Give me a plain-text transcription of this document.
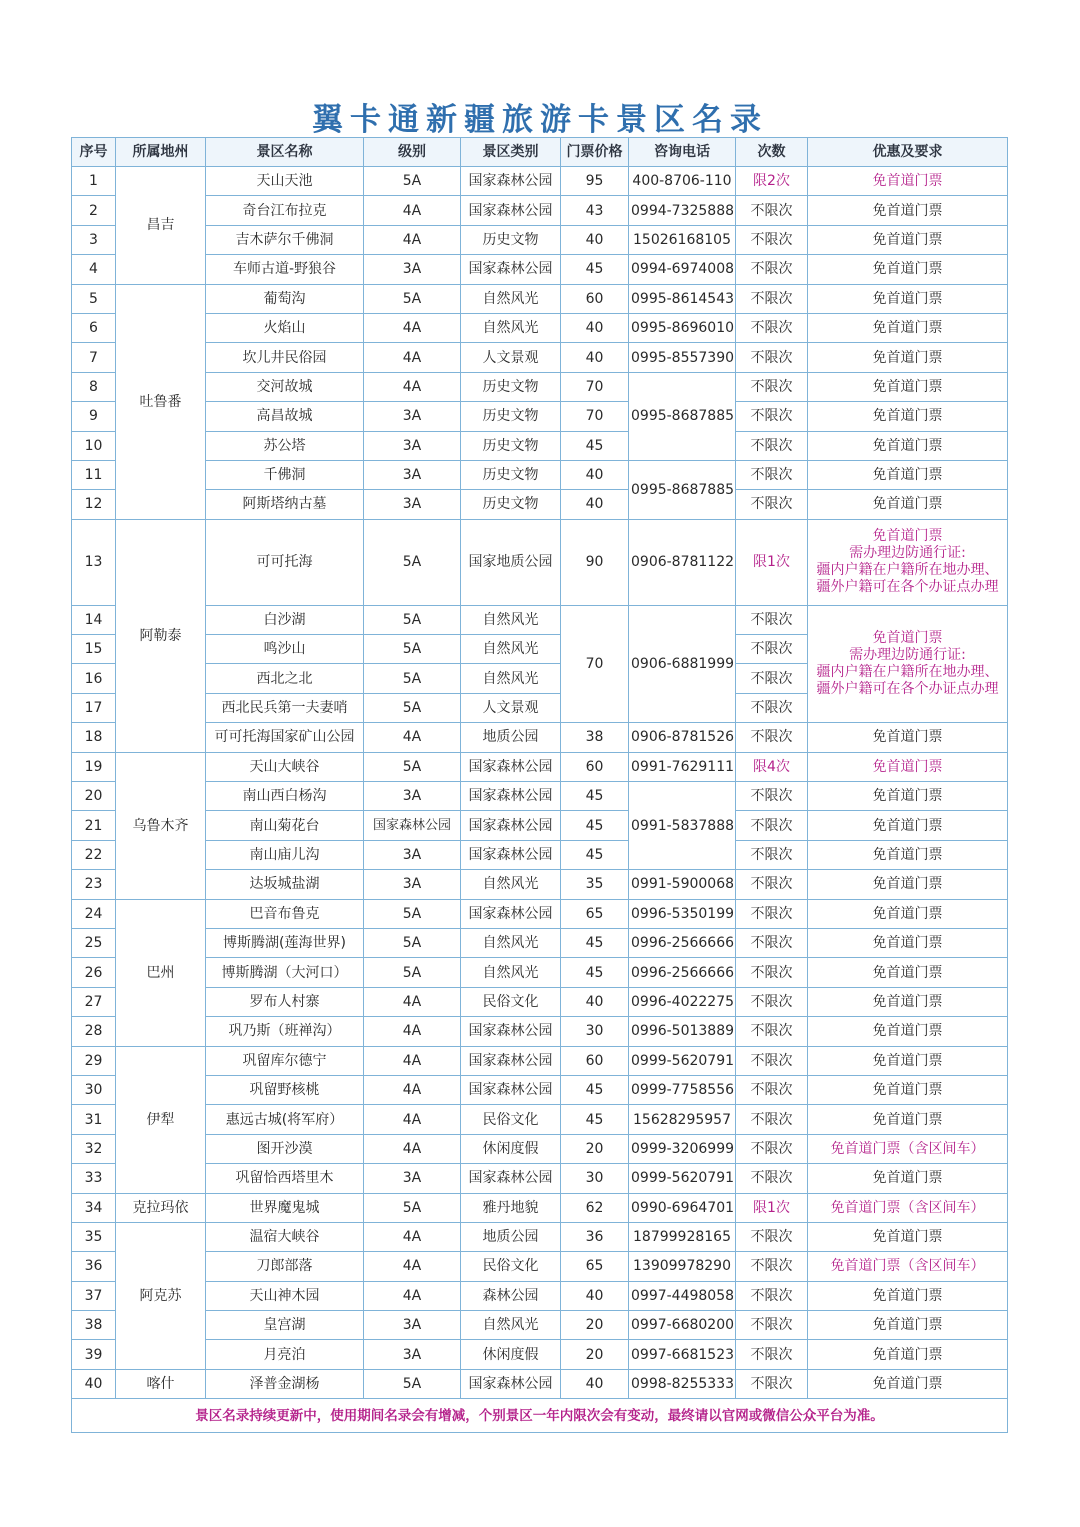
翼卡通新疆旅游卡景区名录
序号	所属地州	景区名称	级别	景区类别	门票价格	咨询电话	次数	优惠及要求
1	昌吉	天山天池	5A	国家森林公园	95	400-8706-110	限2次	免首道门票
2		奇台江布拉克	4A	国家森林公园	43	0994-7325888	不限次	免首道门票
3		吉木萨尔千佛洞	4A	历史文物	40	15026168105	不限次	免首道门票
4		车师古道-野狼谷	3A	国家森林公园	45	0994-6974008	不限次	免首道门票
5	吐鲁番	葡萄沟	5A	自然风光	60	0995-8614543	不限次	免首道门票
6		火焰山	4A	自然风光	40	0995-8696010	不限次	免首道门票
7		坎儿井民俗园	4A	人文景观	40	0995-8557390	不限次	免首道门票
8		交河故城	4A	历史文物	70	0995-8687885	不限次	免首道门票
9		高昌故城	3A	历史文物	70		不限次	免首道门票
10		苏公塔	3A	历史文物	45		不限次	免首道门票
11		千佛洞	3A	历史文物	40	0995-8687885	不限次	免首道门票
12		阿斯塔纳古墓	3A	历史文物	40		不限次	免首道门票
13	阿勒泰	可可托海	5A	国家地质公园	90	0906-8781122	限1次	免首道门票
需办理边防通行证:
疆内户籍在户籍所在地办理、
疆外户籍可在各个办证点办理
14		白沙湖	5A	自然风光	70	0906-6881999	不限次	免首道门票
需办理边防通行证:
疆内户籍在户籍所在地办理、
疆外户籍可在各个办证点办理
15		鸣沙山	5A	自然风光			不限次	
16		西北之北	5A	自然风光			不限次	
17		西北民兵第一夫妻哨	5A	人文景观			不限次	
18		可可托海国家矿山公园	4A	地质公园	38	0906-8781526	不限次	免首道门票
19	乌鲁木齐	天山大峡谷	5A	国家森林公园	60	0991-7629111	限4次	免首道门票
20		南山西白杨沟	3A	国家森林公园	45	0991-5837888	不限次	免首道门票
21		南山菊花台	国家森林公园	国家森林公园	45		不限次	免首道门票
22		南山庙儿沟	3A	国家森林公园	45		不限次	免首道门票
23		达坂城盐湖	3A	自然风光	35	0991-5900068	不限次	免首道门票
24	巴州	巴音布鲁克	5A	国家森林公园	65	0996-5350199	不限次	免首道门票
25		博斯腾湖(莲海世界)	5A	自然风光	45	0996-2566666	不限次	免首道门票
26		博斯腾湖（大河口）	5A	自然风光	45	0996-2566666	不限次	免首道门票
27		罗布人村寨	4A	民俗文化	40	0996-4022275	不限次	免首道门票
28		巩乃斯（班禅沟）	4A	国家森林公园	30	0996-5013889	不限次	免首道门票
29	伊犁	巩留库尔德宁	4A	国家森林公园	60	0999-5620791	不限次	免首道门票
30		巩留野核桃	4A	国家森林公园	45	0999-7758556	不限次	免首道门票
31		惠远古城(将军府）	4A	民俗文化	45	15628295957	不限次	免首道门票
32		图开沙漠	4A	休闲度假	20	0999-3206999	不限次	免首道门票（含区间车）
33		巩留恰西塔里木	3A	国家森林公园	30	0999-5620791	不限次	免首道门票
34	克拉玛依	世界魔鬼城	5A	雅丹地貌	62	0990-6964701	限1次	免首道门票（含区间车）
35	阿克苏	温宿大峡谷	4A	地质公园	36	18799928165	不限次	免首道门票
36		刀郎部落	4A	民俗文化	65	13909978290	不限次	免首道门票（含区间车）
37		天山神木园	4A	森林公园	40	0997-4498058	不限次	免首道门票
38		皇宫湖	3A	自然风光	20	0997-6680200	不限次	免首道门票
39		月亮泊	3A	休闲度假	20	0997-6681523	不限次	免首道门票
40	喀什	泽普金湖杨	5A	国家森林公园	40	0998-8255333	不限次	免首道门票
景区名录持续更新中，使用期间名录会有增减，个别景区一年内限次会有变动，最终请以官网或微信公众平台为准。								
